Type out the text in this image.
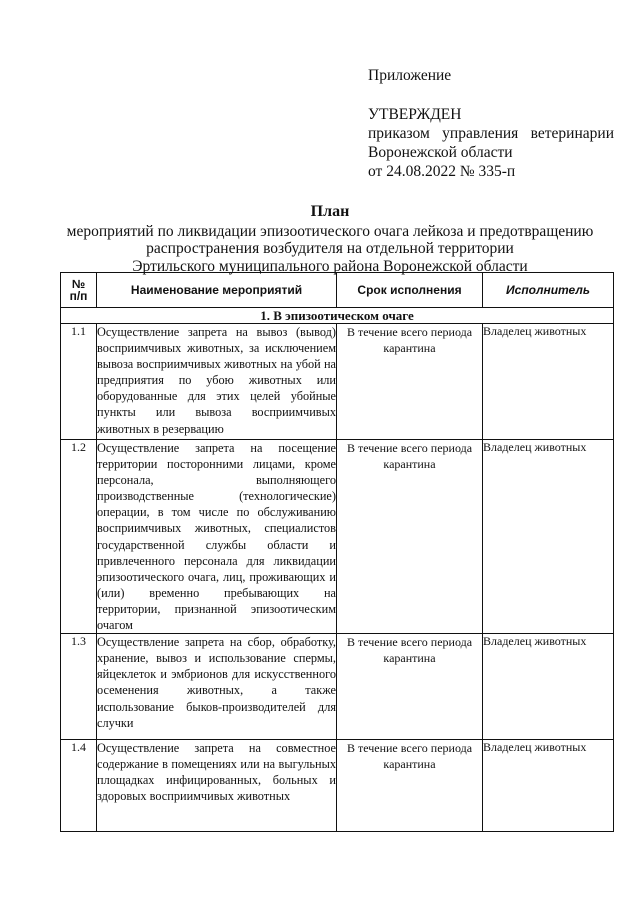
Приложение
УТВЕРЖДЕН
приказом управления ветеринарии
Воронежской области
от 24.08.2022 № 335-п
План
мероприятий по ликвидации эпизоотического очага лейкоза и предотвращению
распространения возбудителя на отдельной территории
Эртильского муниципального района Воронежской области
№
п/п	Наименование мероприятий	Срок исполнения	Исполнитель
1. В эпизоотическом очаге			
1.1	Осуществление запрета на вывоз (вывод) восприимчивых животных, за исключением вывоза восприимчивых животных на убой на предприятия по убою животных или оборудованные для этих целей убойные пункты или вывоза восприимчивых животных в резервацию	В течение всего периода карантина	Владелец животных
1.2	Осуществление запрета на посещение территории посторонними лицами, кроме персонала, выполняющего производственные (технологические) операции, в том числе по обслуживанию восприимчивых животных, специалистов государственной службы области и привлеченного персонала для ликвидации эпизоотического очага, лиц, проживающих и (или) временно пребывающих на территории, признанной эпизоотическим очагом	В течение всего периода карантина	Владелец животных
1.3	Осуществление запрета на сбор, обработку, хранение, вывоз и использование спермы, яйцеклеток и эмбрионов для искусственного осеменения животных, а также использование быков-производителей для случки	В течение всего периода карантина	Владелец животных
1.4	Осуществление запрета на совместное содержание в помещениях или на выгульных площадках инфицированных, больных и здоровых восприимчивых животных	В течение всего периода карантина	Владелец животных
